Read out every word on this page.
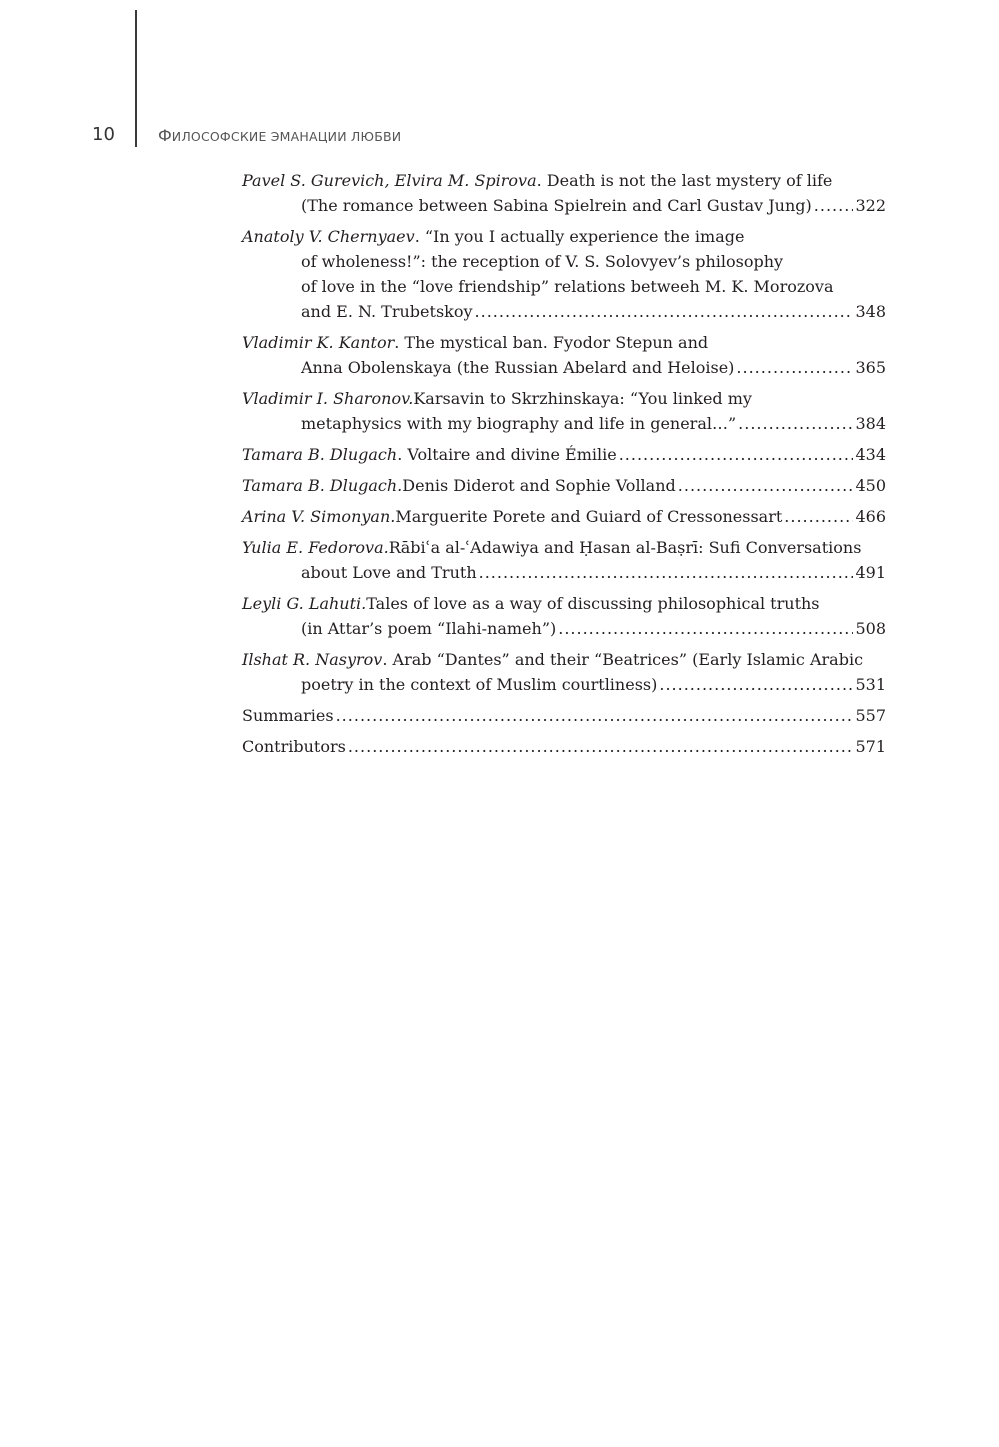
10	ФИЛОСОФСКИЕ ЭМАНАЦИИ ЛЮБВИ
Pavel S. Gurevich, Elvira M. Spirova . Death is not the last mystery of life
(The romance between Sabina Spielrein and Carl Gustav Jung) .....	322
Anatoly V. Chernyaev . “In you I actually experience the image
of wholeness!”: the reception of V. S. Solovyev’s philosophy
of love in the “love friendship” relations betweeh M. K. Morozova
and E. N. Trubetskoy .....	348
Vladimir K. Kantor . The mystical ban. Fyodor Stepun and
Anna Obolenskaya (the Russian Abelard and Heloise) .....	365
Vladimir I. Sharonov. Karsavin to Skrzhinskaya: “You linked my
metaphysics with my biography and life in general…” .....	384
Tamara B. Dlugach . Voltaire and divine Émilie .....	434
Tamara B. Dlugach. Denis Diderot and Sophie Volland .....	450
Arina V. Simonyan. Marguerite Porete and Guiard of Cressonessart .....	466
Yulia E. Fedorova. Rābiʿa al-ʿAdawiya and Ḥasan al-Baṣrī: Sufi Conversations
about Love and Truth .....	491
Leyli G. Lahuti. Tales of love as a way of discussing philosophical truths
(in Attar’s poem “Ilahi-nameh”) .....	508
Ilshat R. Nasyrov . Arab “Dantes” and their “Beatrices” (Early Islamic Arabic
poetry in the context of Muslim courtliness) .....	531
Summaries .....	557
Contributors .....	571
